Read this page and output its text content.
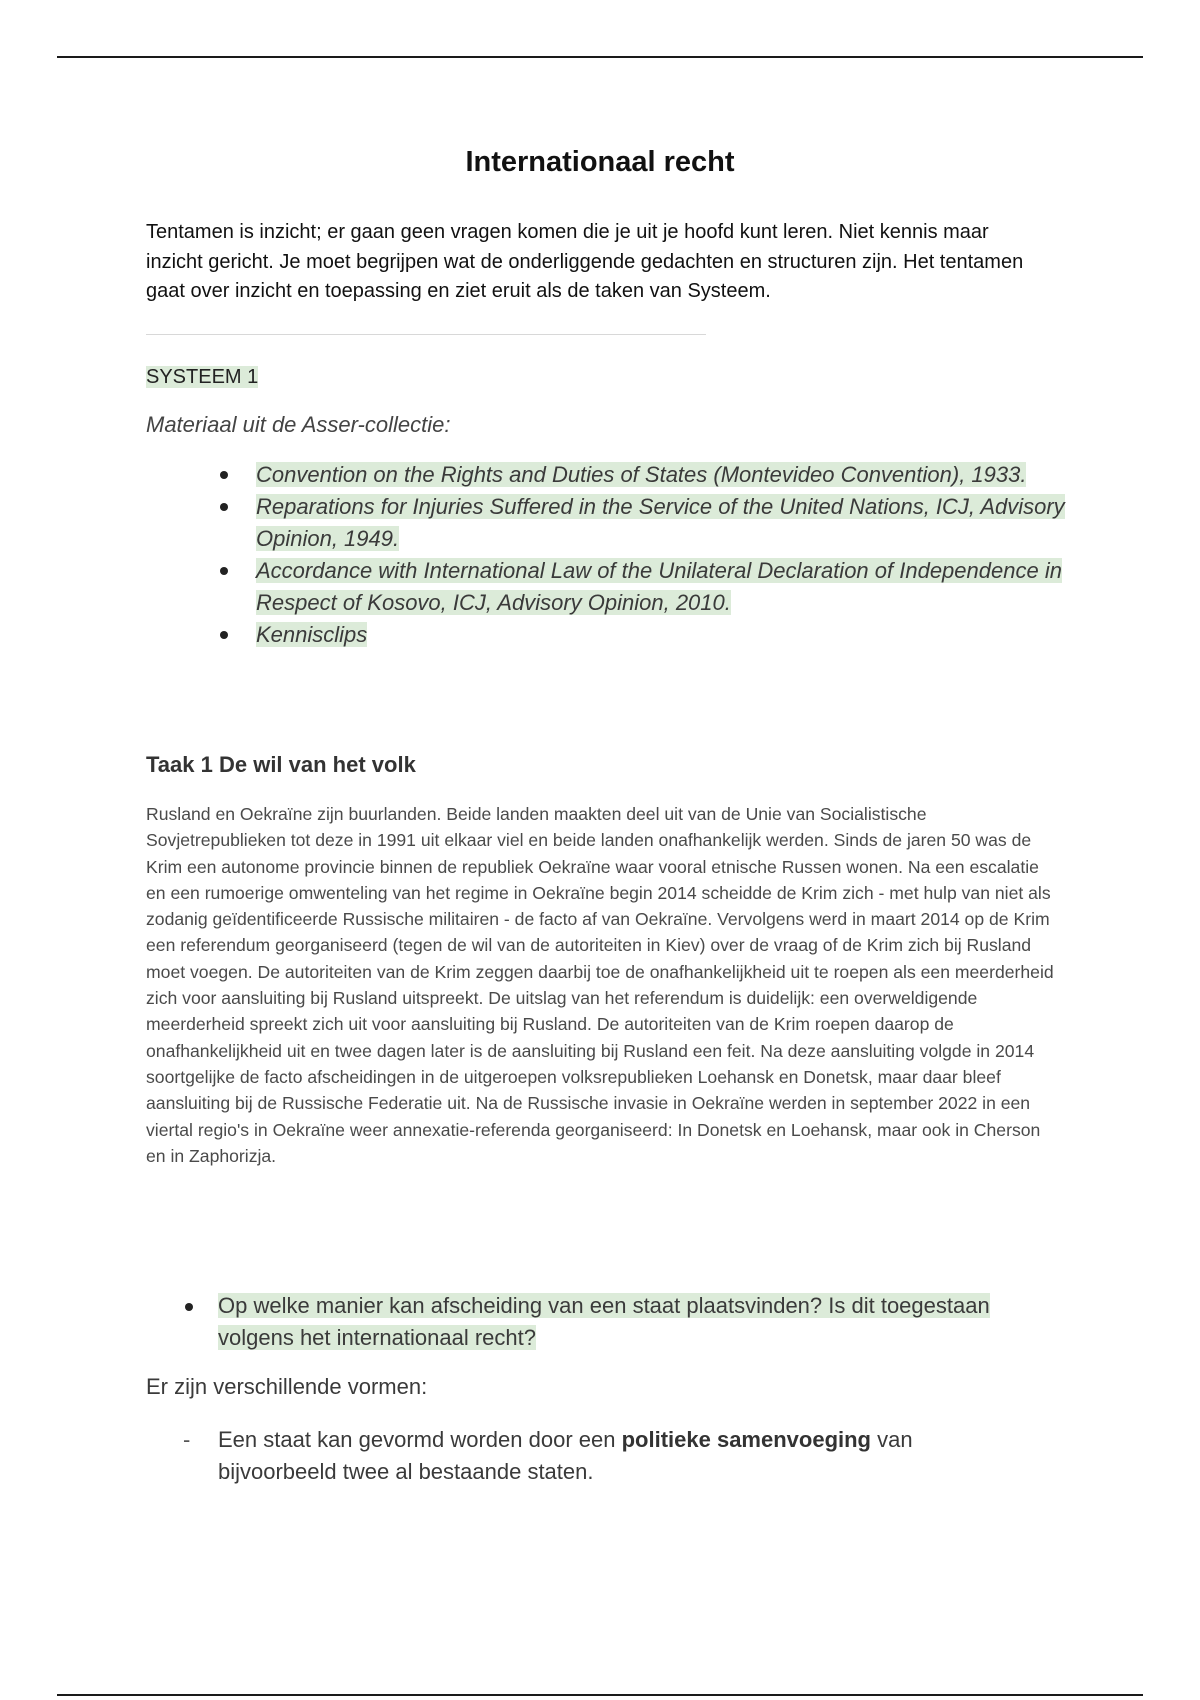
Internationaal recht

Tentamen is inzicht; er gaan geen vragen komen die je uit je hoofd kunt leren. Niet kennis maar inzicht gericht. Je moet begrijpen wat de onderliggende gedachten en structuren zijn. Het tentamen gaat over inzicht en toepassing en ziet eruit als de taken van Systeem.

SYSTEEM 1
Materiaal uit de Asser-collectie:
Convention on the Rights and Duties of States (Montevideo Convention), 1933.
Reparations for Injuries Suffered in the Service of the United Nations, ICJ, Advisory Opinion, 1949.
Accordance with International Law of the Unilateral Declaration of Independence in Respect of Kosovo, ICJ, Advisory Opinion, 2010.
Kennisclips
Taak 1 De wil van het volk

Rusland en Oekraïne zijn buurlanden. Beide landen maakten deel uit van de Unie van Socialistische Sovjetrepublieken tot deze in 1991 uit elkaar viel en beide landen onafhankelijk werden. Sinds de jaren 50 was de Krim een autonome provincie binnen de republiek Oekraïne waar vooral etnische Russen wonen. Na een escalatie en een rumoerige omwenteling van het regime in Oekraïne begin 2014 scheidde de Krim zich - met hulp van niet als zodanig geïdentificeerde Russische militairen - de facto af van Oekraïne. Vervolgens werd in maart 2014 op de Krim een referendum georganiseerd (tegen de wil van de autoriteiten in Kiev) over de vraag of de Krim zich bij Rusland moet voegen. De autoriteiten van de Krim zeggen daarbij toe de onafhankelijkheid uit te roepen als een meerderheid zich voor aansluiting bij Rusland uitspreekt. De uitslag van het referendum is duidelijk: een overweldigende meerderheid spreekt zich uit voor aansluiting bij Rusland. De autoriteiten van de Krim roepen daarop de onafhankelijkheid uit en twee dagen later is de aansluiting bij Rusland een feit. Na deze aansluiting volgde in 2014 soortgelijke de facto afscheidingen in de uitgeroepen volksrepublieken Loehansk en Donetsk, maar daar bleef aansluiting bij de Russische Federatie uit. Na de Russische invasie in Oekraïne werden in september 2022 in een viertal regio's in Oekraïne weer annexatie-referenda georganiseerd: In Donetsk en Loehansk, maar ook in Cherson en in Zaphorizja.

Op welke manier kan afscheiding van een staat plaatsvinden? Is dit toegestaan volgens het internationaal recht?
Er zijn verschillende vormen:
- Een staat kan gevormd worden door een politieke samenvoeging van bijvoorbeeld twee al bestaande staten.
